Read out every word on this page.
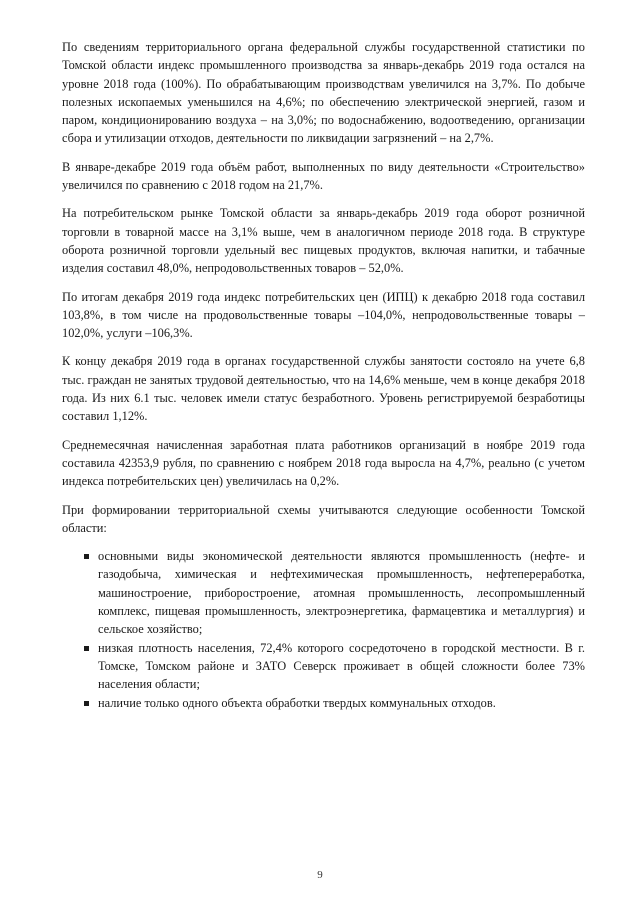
По сведениям территориального органа федеральной службы государственной статистики по Томской области индекс промышленного производства за январь-декабрь 2019 года остался на уровне 2018 года (100%). По обрабатывающим производствам увеличился на 3,7%. По добыче полезных ископаемых уменьшился на 4,6%; по обеспечению электрической энергией, газом и паром, кондиционированию воздуха – на 3,0%; по водоснабжению, водоотведению, организации сбора и утилизации отходов, деятельности по ликвидации загрязнений – на 2,7%.

В январе-декабре 2019 года объём работ, выполненных по виду деятельности «Строительство» увеличился по сравнению с 2018 годом на 21,7%.

На потребительском рынке Томской области за январь-декабрь 2019 года оборот розничной торговли в товарной массе на 3,1% выше, чем в аналогичном периоде 2018 года. В структуре оборота розничной торговли удельный вес пищевых продуктов, включая напитки, и табачные изделия составил 48,0%, непродовольственных товаров – 52,0%.

По итогам декабря 2019 года индекс потребительских цен (ИПЦ) к декабрю 2018 года составил 103,8%, в том числе на продовольственные товары –104,0%, непродовольственные товары –102,0%, услуги –106,3%.

К концу декабря 2019 года в органах государственной службы занятости состояло на учете 6,8 тыс. граждан не занятых трудовой деятельностью, что на 14,6% меньше, чем в конце декабря 2018 года. Из них 6.1 тыс. человек имели статус безработного. Уровень регистрируемой безработицы составил 1,12%.

Среднемесячная начисленная заработная плата работников организаций в ноябре 2019 года составила 42353,9 рубля, по сравнению с ноябрем 2018 года выросла на 4,7%, реально (с учетом индекса потребительских цен) увеличилась на 0,2%.

При формировании территориальной схемы учитываются следующие особенности Томской области:

основными виды экономической деятельности являются промышленность (нефте- и газодобыча, химическая и нефтехимическая промышленность, нефтепереработка, машиностроение, приборостроение, атомная промышленность, лесопромышленный комплекс, пищевая промышленность, электроэнергетика, фармацевтика и металлургия) и сельское хозяйство;
низкая плотность населения, 72,4% которого сосредоточено в городской местности. В г. Томске, Томском районе и ЗАТО Северск проживает в общей сложности более 73% населения области;
наличие только одного объекта обработки твердых коммунальных отходов.
9
